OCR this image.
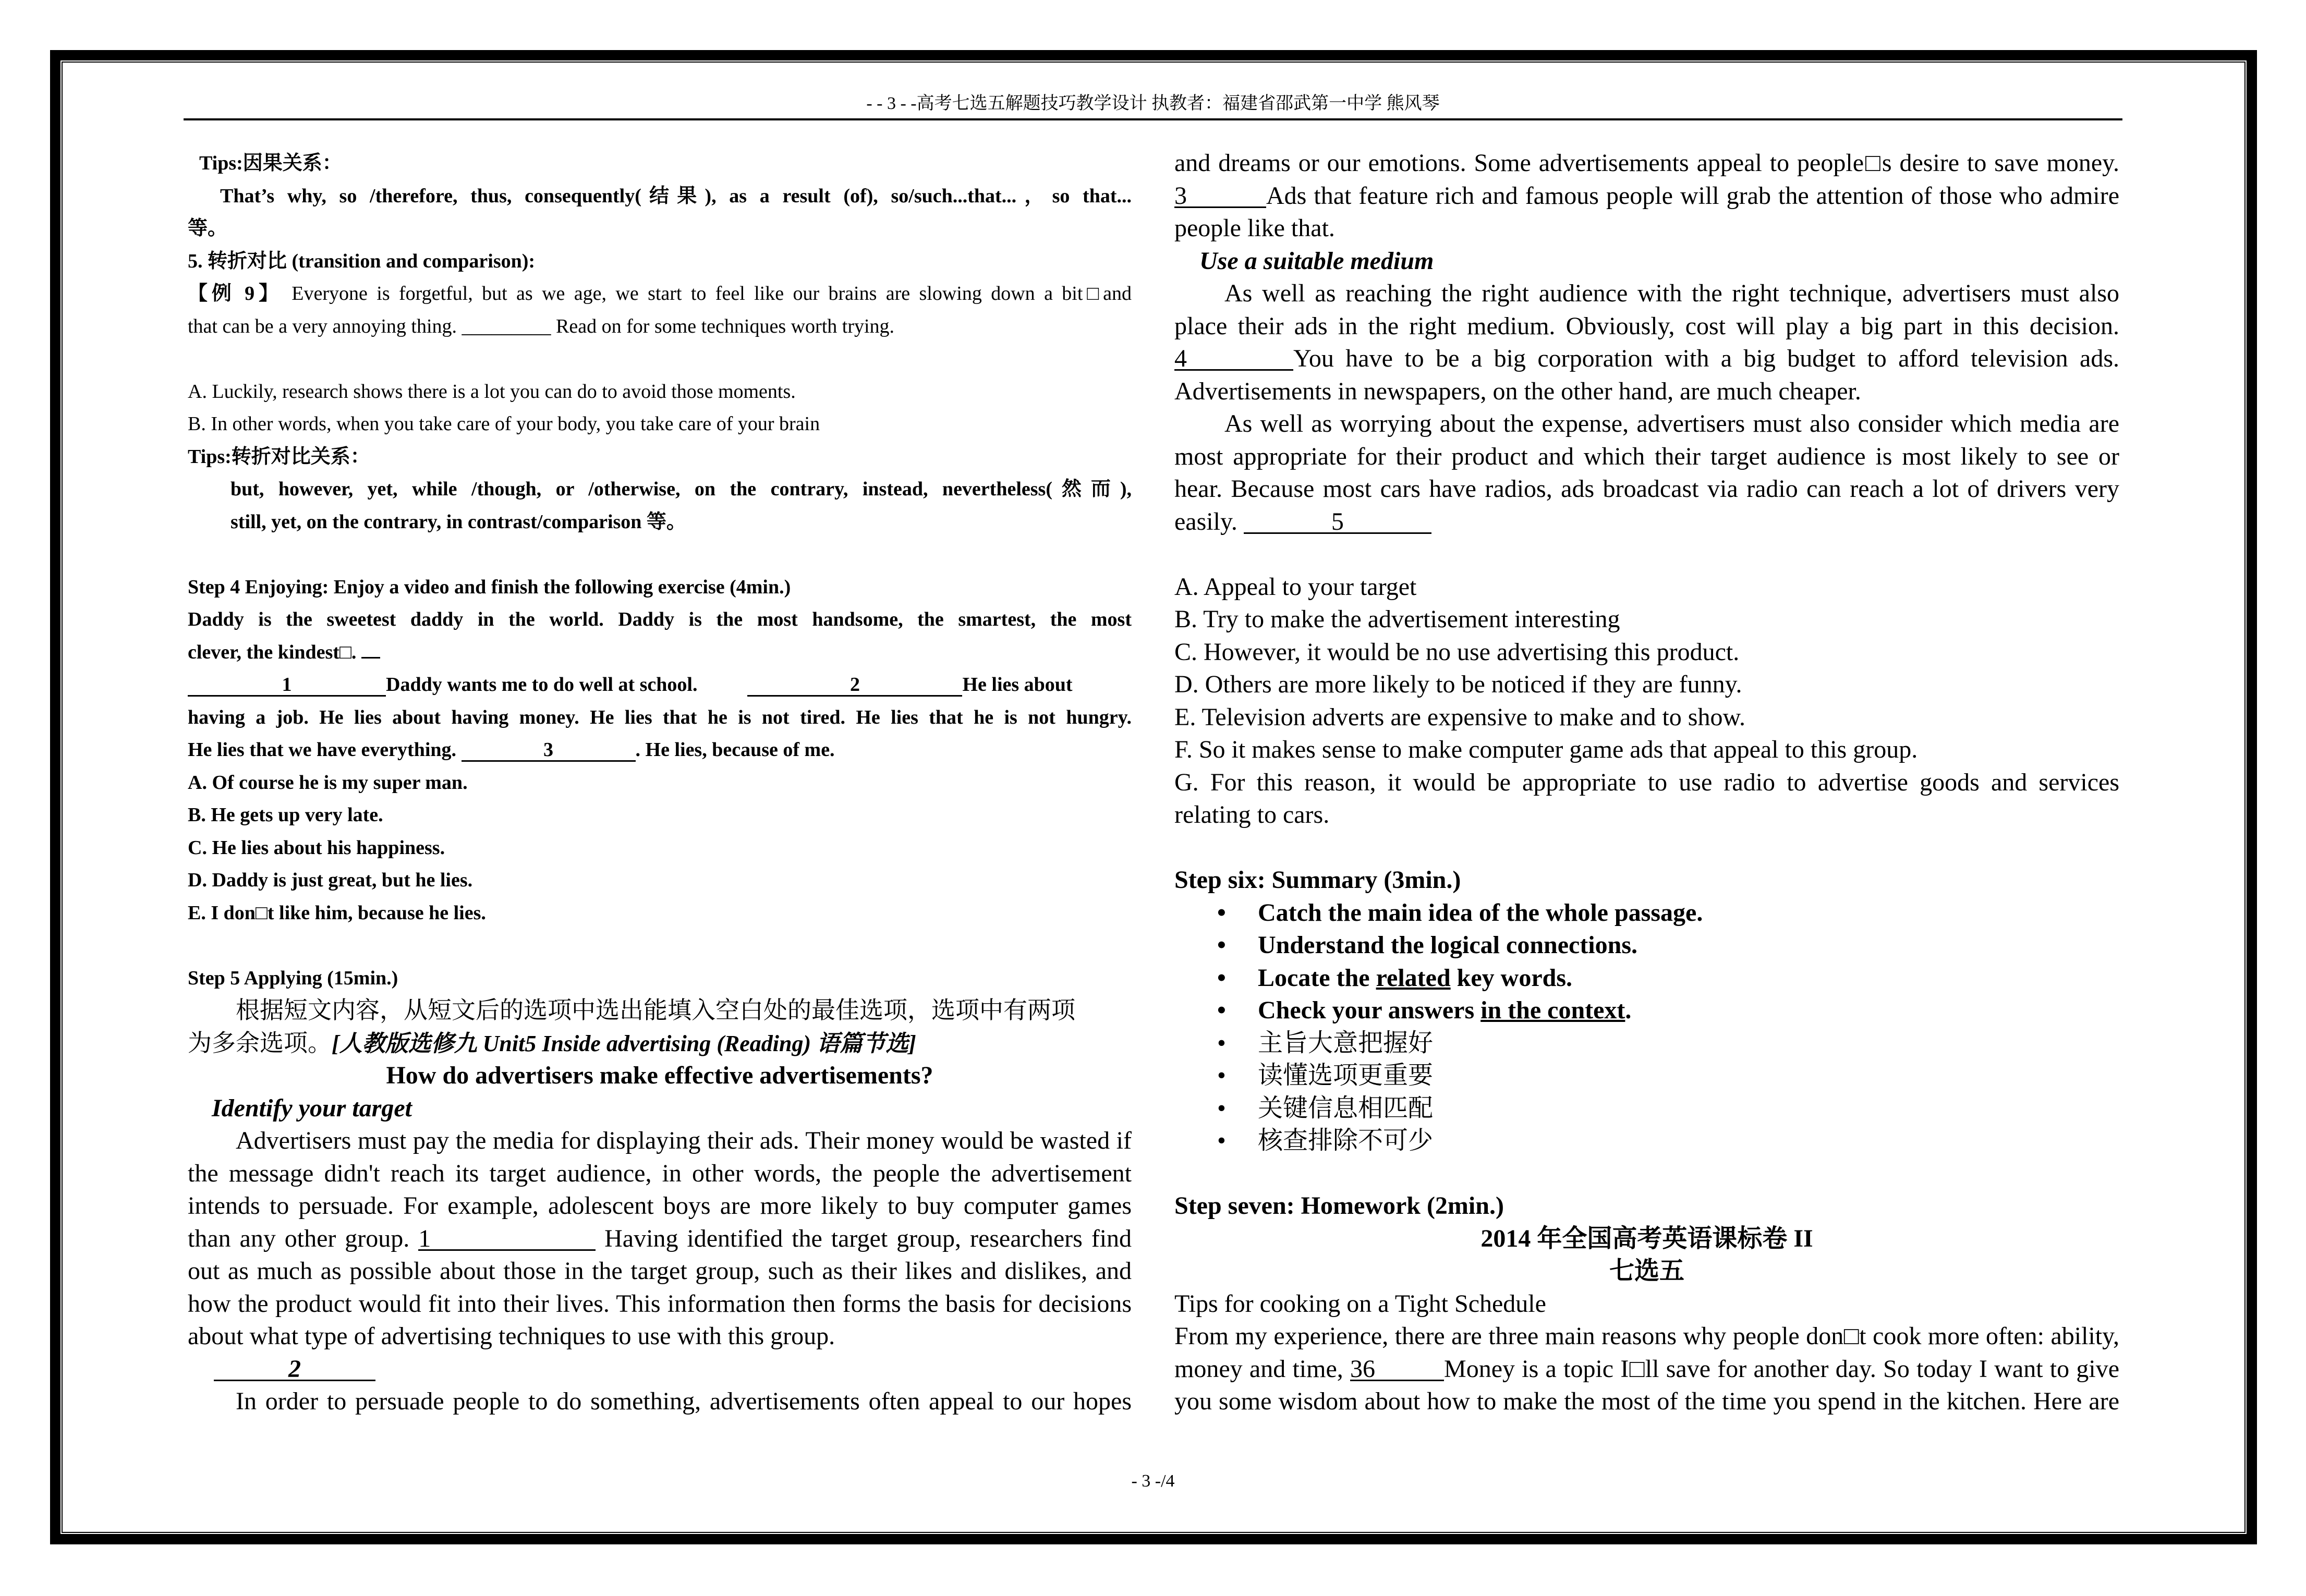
- - 3 - -高考七选五解题技巧教学设计 执教者：福建省邵武第一中学 熊风琴
Tips:因果关系：
That’s why, so /therefore, thus, consequently(结果), as a result (of), so/such...that...，so that...
等。
5. 转折对比 (transition and comparison):
【例 9】 Everyone is forgetful, but as we age, we start to feel like our brains are slowing down a bit□and
that can be a very annoying thing. _________ Read on for some techniques worth trying.
A. Luckily, research shows there is a lot you can do to avoid those moments.
B. In other words, when you take care of your body, you take care of your brain
Tips:转折对比关系：
but, however, yet, while /though, or /otherwise, on the contrary, instead, nevertheless(然而),
still, yet, on the contrary, in contrast/comparison 等。
Step 4 Enjoying: Enjoy a video and finish the following exercise (4min.)
Daddy is the sweetest daddy in the world. Daddy is the most handsome, the smartest, the most
clever, the kindest□.
1	Daddy wants me to do well at school.	2	He lies about
having a job. He lies about having money. He lies that he is not tired. He lies that he is not hungry.
He lies that we have everything.	3	. He lies, because of me.
A. Of course he is my super man.
B. He gets up very late.
C. He lies about his happiness.
D. Daddy is just great, but he lies.
E. I don□t like him, because he lies.
Step 5 Applying (15min.)
根据短文内容，从短文后的选项中选出能填入空白处的最佳选项，选项中有两项
为多余选项。[人教版选修九 Unit5 Inside advertising (Reading) 语篇节选]
How do advertisers make effective advertisements?
Identify your target
Advertisers must pay the media for displaying their ads. Their money would be wasted if
the message didn't reach its target audience, in other words, the people the advertisement
intends to persuade. For example, adolescent boys are more likely to buy computer games
than any other group. 1	Having identified the target group, researchers find
out as much as possible about those in the target group, such as their likes and dislikes, and
how the product would fit into their lives. This information then forms the basis for decisions
about what type of advertising techniques to use with this group.
2
In order to persuade people to do something, advertisements often appeal to our hopes
and dreams or our emotions. Some advertisements appeal to people□s desire to save money.
3	Ads that feature rich and famous people will grab the attention of those who admire
people like that.
Use a suitable medium
As well as reaching the right audience with the right technique, advertisers must also
place their ads in the right medium. Obviously, cost will play a big part in this decision.
4	You have to be a big corporation with a big budget to afford television ads.
Advertisements in newspapers, on the other hand, are much cheaper.
As well as worrying about the expense, advertisers must also consider which media are
most appropriate for their product and which their target audience is most likely to see or
hear. Because most cars have radios, ads broadcast via radio can reach a lot of drivers very
easily.	5
A. Appeal to your target
B. Try to make the advertisement interesting
C. However, it would be no use advertising this product.
D. Others are more likely to be noticed if they are funny.
E. Television adverts are expensive to make and to show.
F. So it makes sense to make computer game ads that appeal to this group.
G. For this reason, it would be appropriate to use radio to advertise goods and services
relating to cars.
Step six: Summary (3min.)
• Catch the main idea of the whole passage.
• Understand the logical connections.
• Locate the related key words.
• Check your answers in the context.
• 主旨大意把握好
• 读懂选项更重要
• 关键信息相匹配
• 核查排除不可少
Step seven: Homework (2min.)
2014 年全国高考英语课标卷 II
七选五
Tips for cooking on a Tight Schedule
From my experience, there are three main reasons why people don□t cook more often: ability,
money and time, 36	Money is a topic I□ll save for another day. So today I want to give
you some wisdom about how to make the most of the time you spend in the kitchen. Here are
- 3 -/4
